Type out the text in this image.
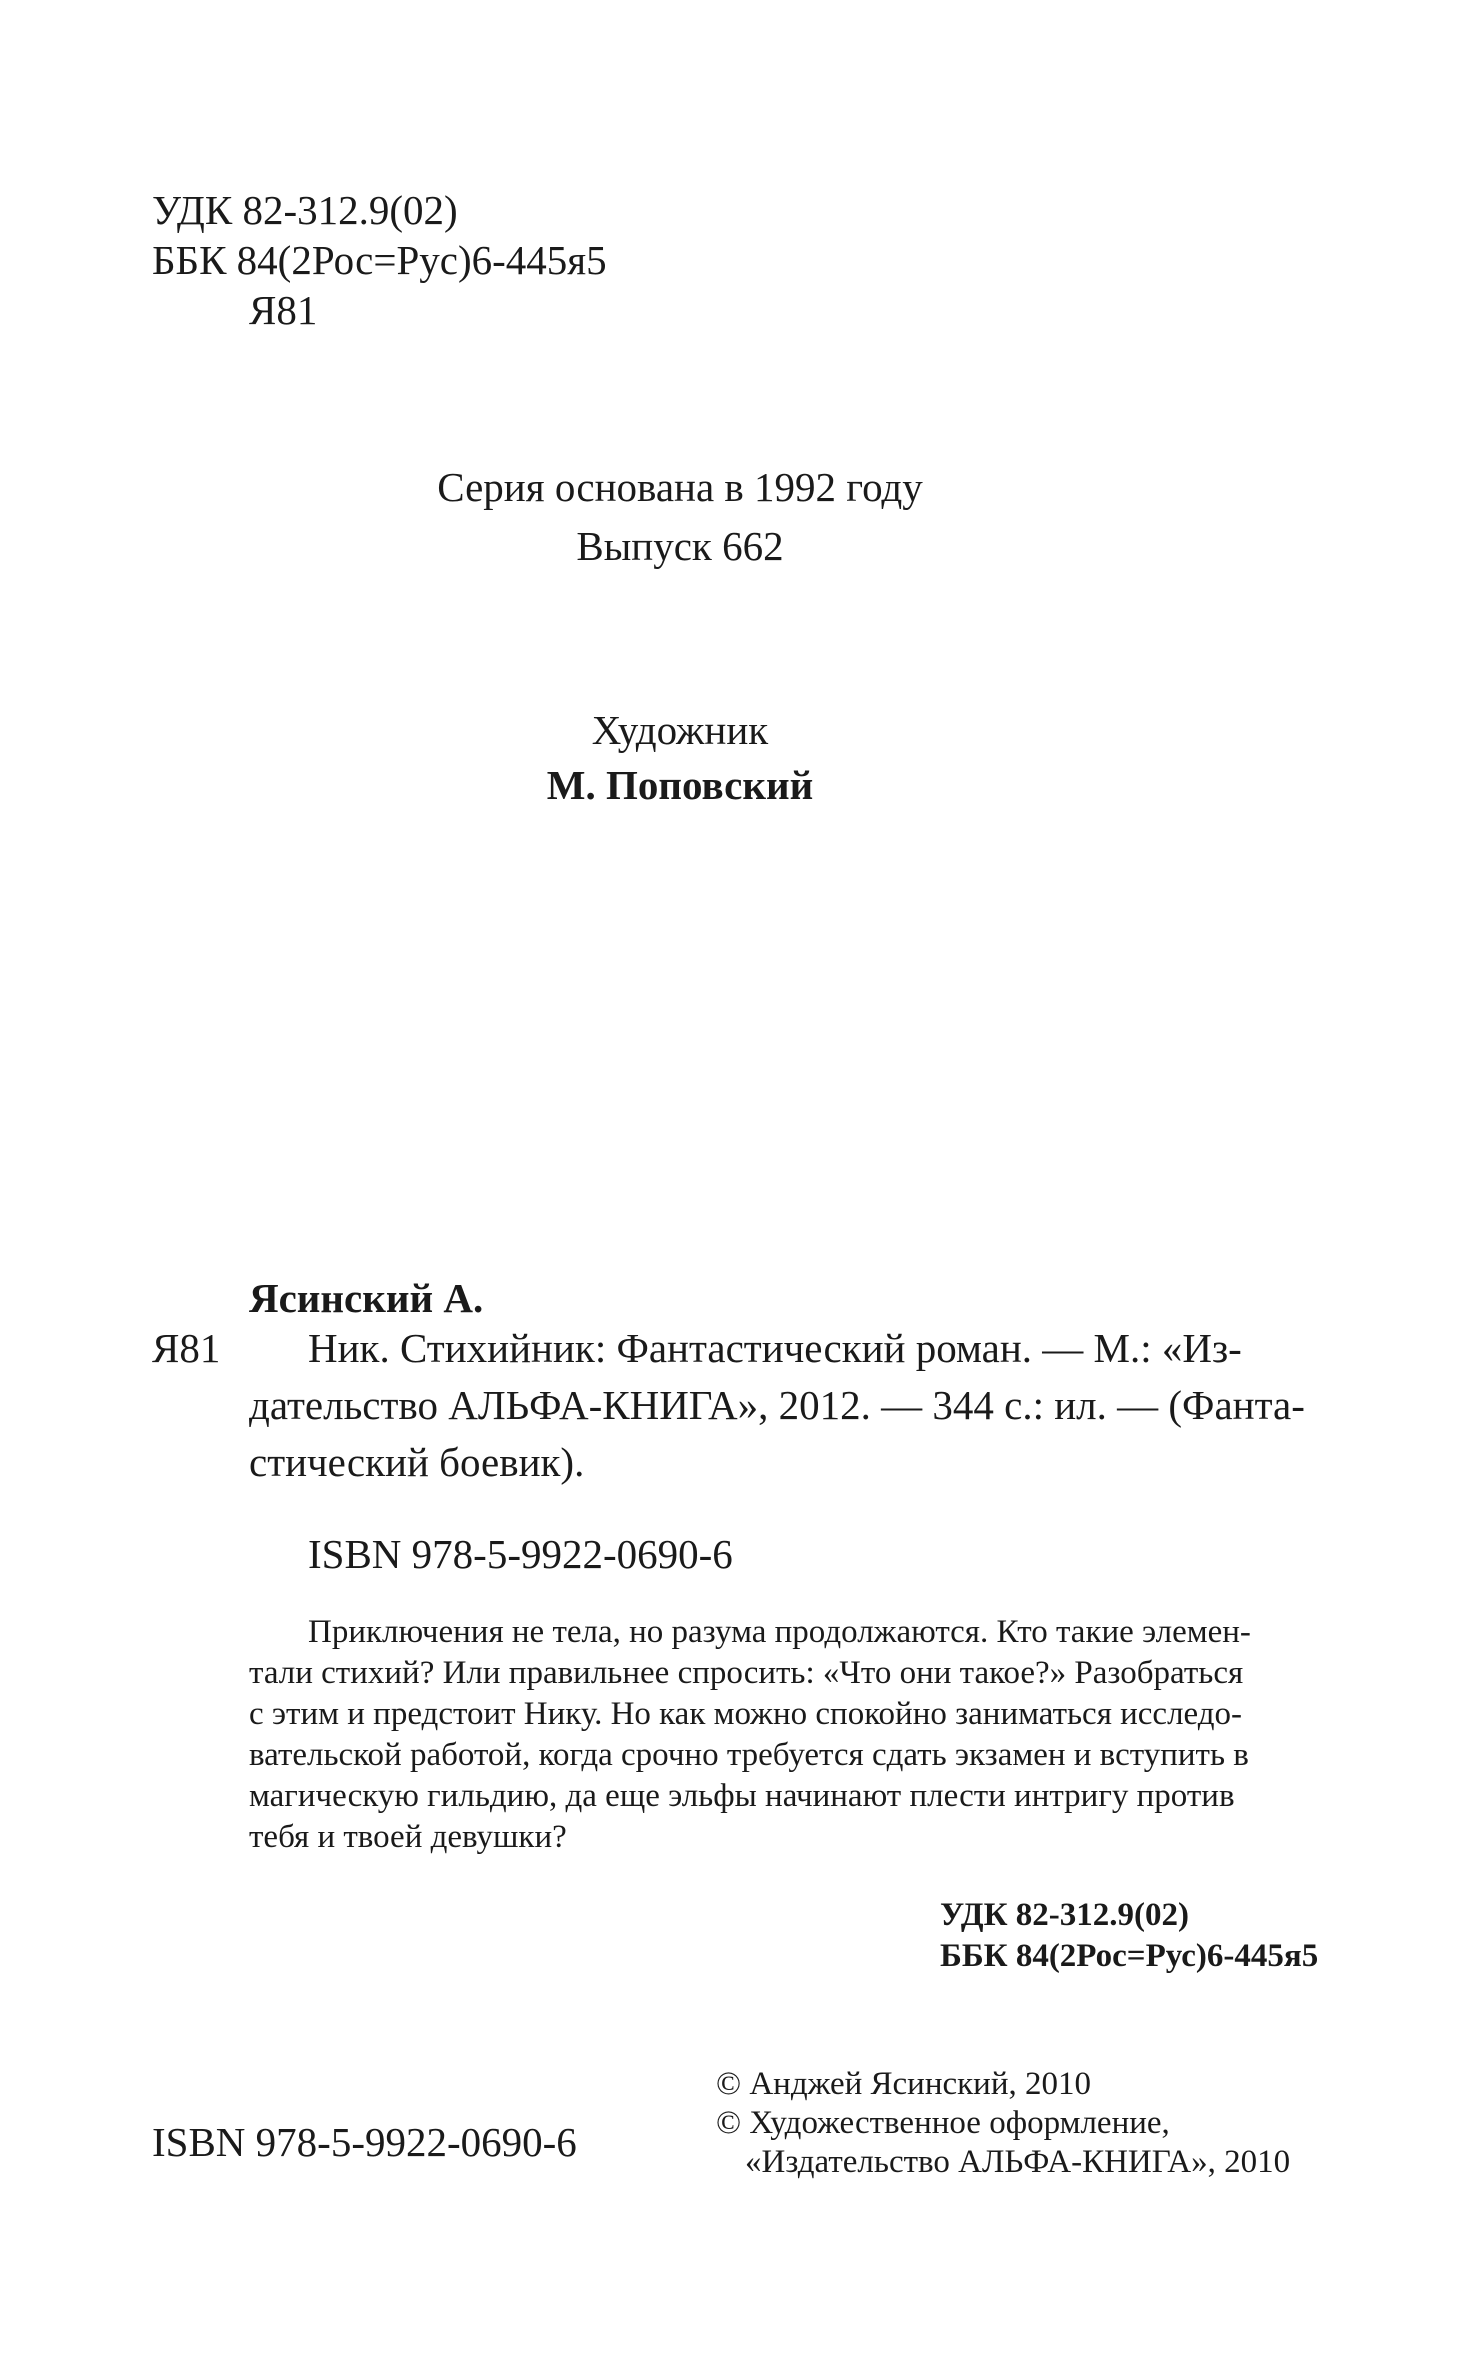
УДК 82-312.9(02)
ББК 84(2Рос=Рус)6-445я5
Я81
Серия основана в 1992 году
Выпуск 662
Художник
М. Поповский
Ясинский А.
Я81 Ник. Стихийник: Фантастический роман. — М.: «Из-
дательство АЛЬФА-КНИГА», 2012. — 344 с.: ил. — (Фанта-
стический боевик).
ISBN 978-5-9922-0690-6
Приключения не тела, но разума продолжаются. Кто такие элемен-
тали стихий? Или правильнее спросить: «Что они такое?» Разобраться
с этим и предстоит Нику. Но как можно спокойно заниматься исследо-
вательской работой, когда срочно требуется сдать экзамен и вступить в
магическую гильдию, да еще эльфы начинают плести интригу против
тебя и твоей девушки?
УДК 82-312.9(02)
ББК 84(2Рос=Рус)6-445я5
ISBN 978-5-9922-0690-6
© Анджей Ясинский, 2010
© Художественное оформление,
«Издательство АЛЬФА-КНИГА», 2010
